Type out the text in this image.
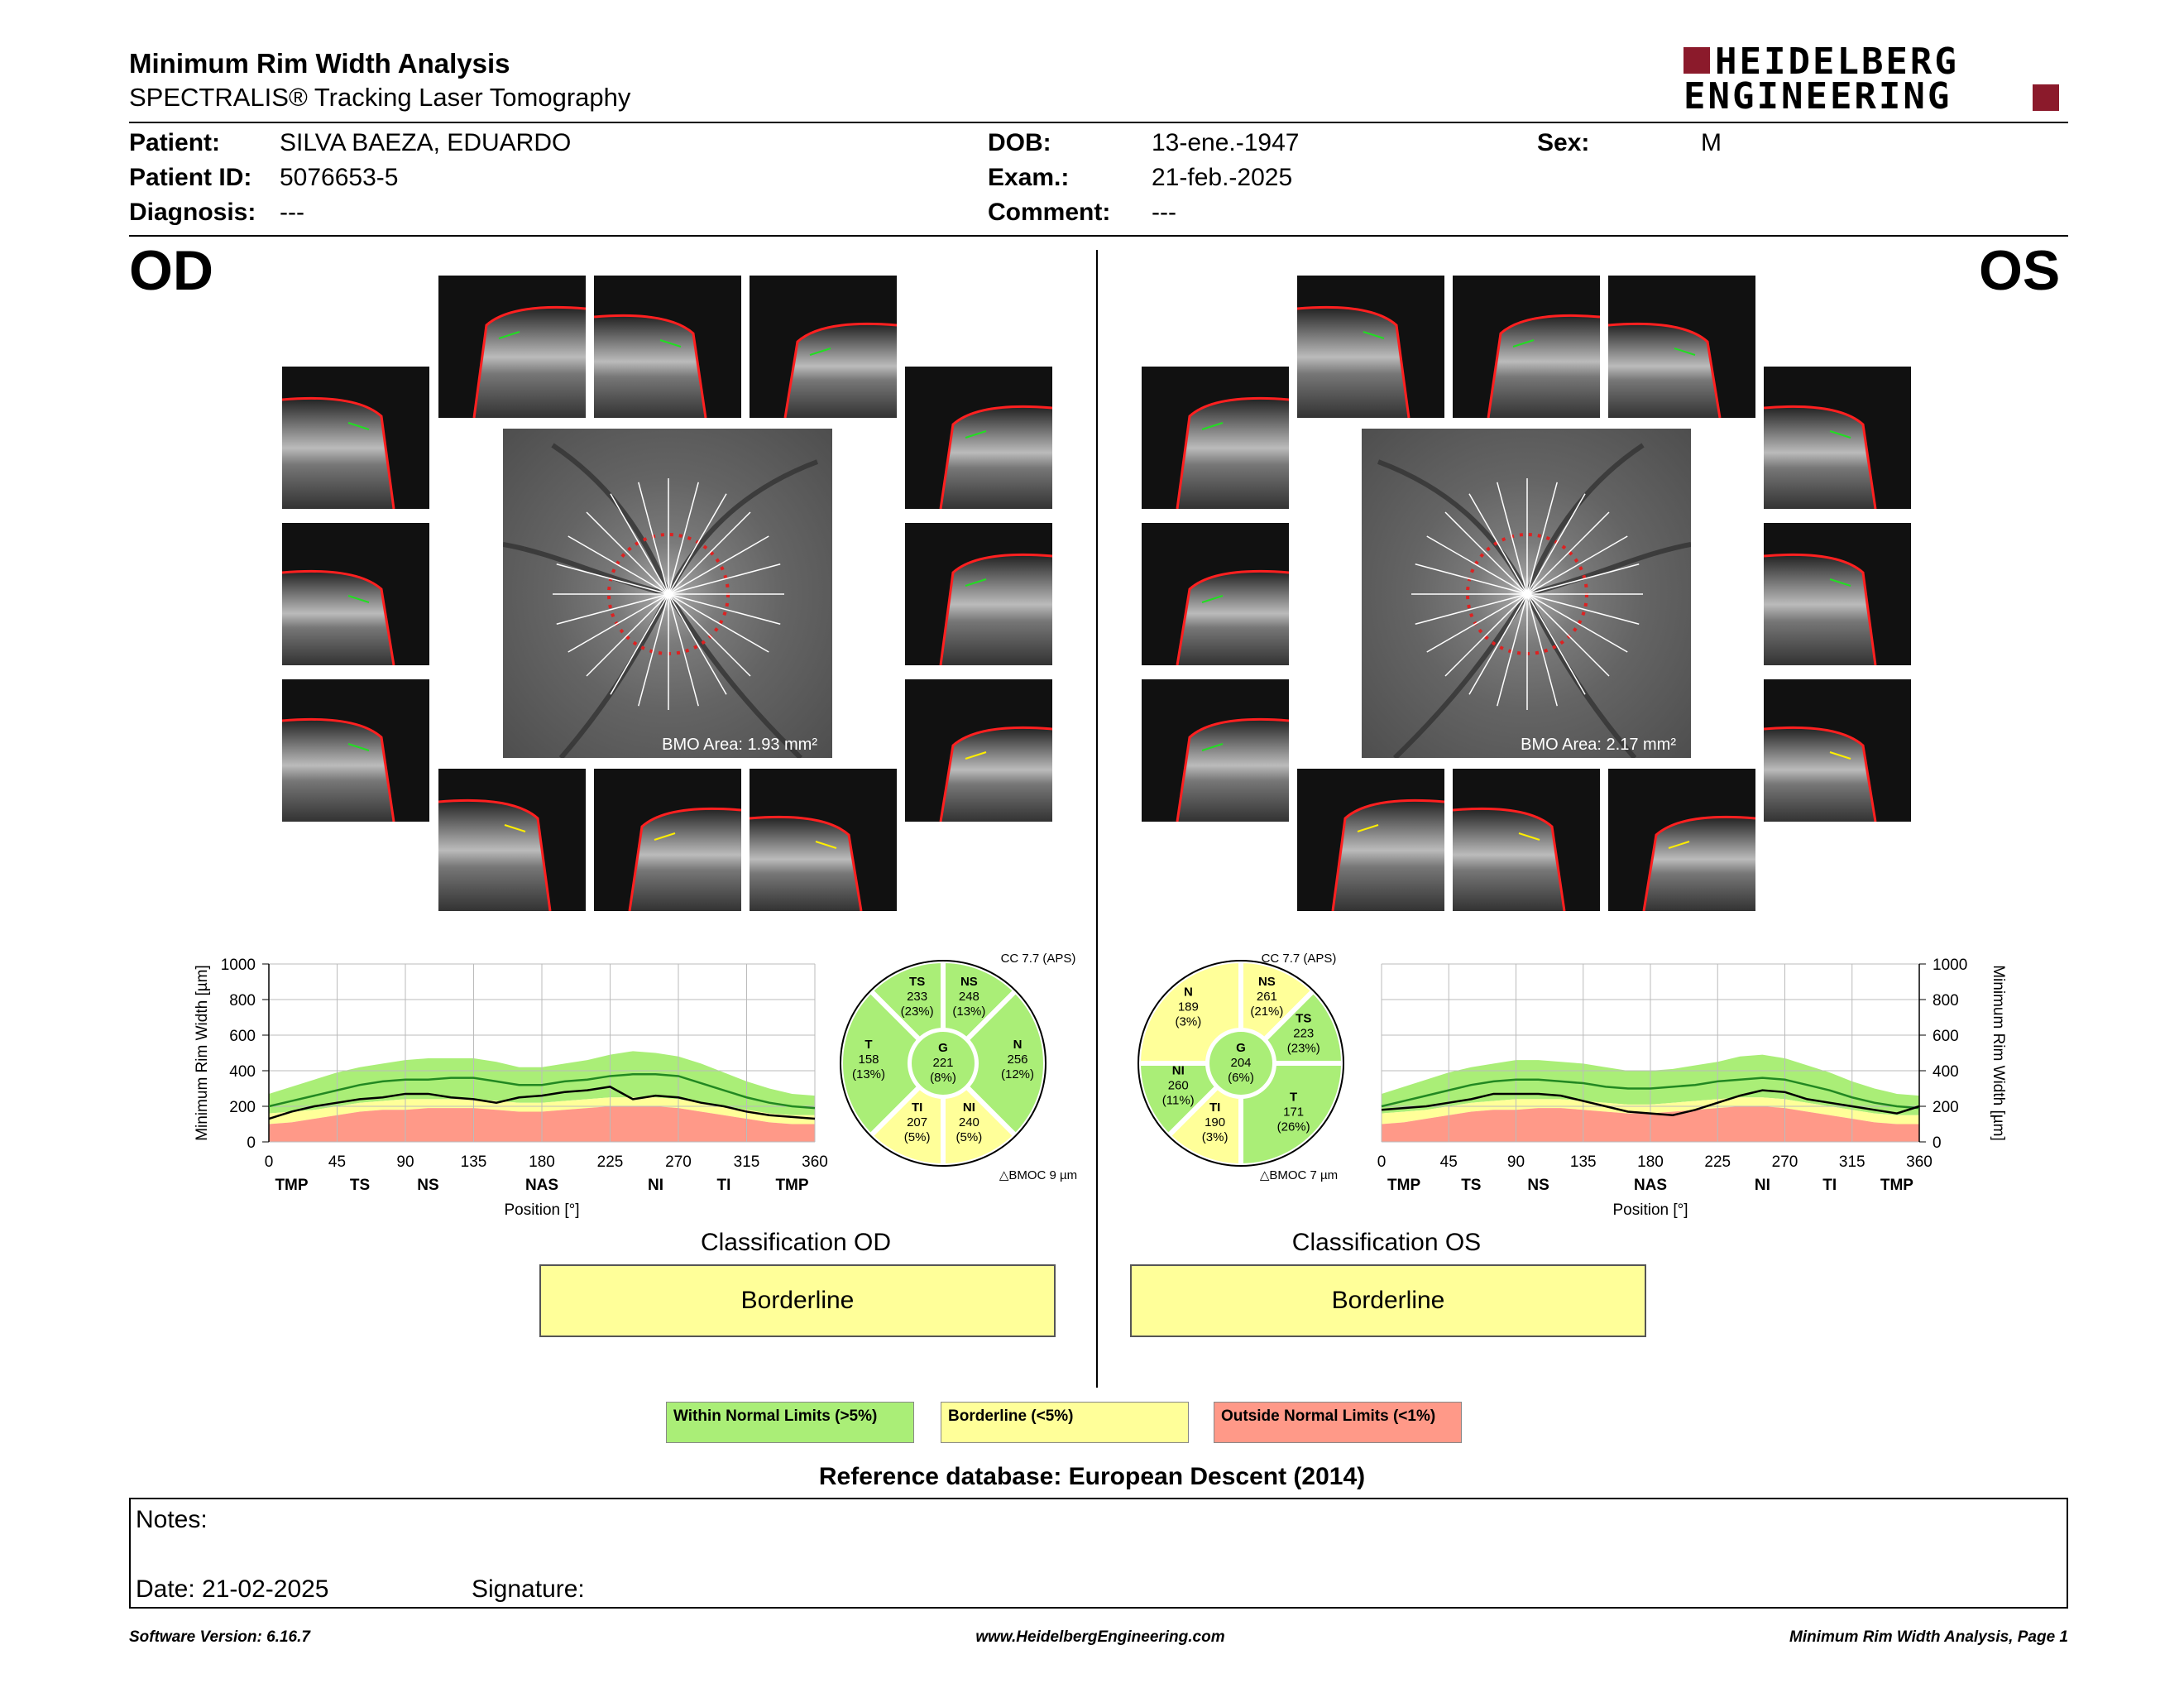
Minimum Rim Width Analysis
SPECTRALIS® Tracking Laser Tomography
HEIDELBERG
ENGINEERING
Patient: SILVA BAEZA, EDUARDO
Patient ID: 5076653-5
Diagnosis: ---
DOB:	13-ene.-1947
Exam.:	21-feb.-2025
Comment: ---
Sex:	M
OD	OS
BMO Area: 1.93 mm²	BMO Area: 2.17 mm²
0	45	90	135	180	225	270	315	360
0
200
400
600
800
1000
TMP	TS	NS	NAS	NI	TI	TMP
Position [°]
Minimum Rim Width [µm]
0	45	90	135	180	225	270	315	360
0
200
400
600
800
1000
TMP	TS	NS	NAS	NI	TI	TMP
Position [°]
Minimum Rim Width [µm]
TS
233
(23%)
NS
248
(13%)
N
256
(12%)
NI
240
(5%)
TI
207
(5%)
T
158
(13%)
G
221
(8%)
CC 7.7 (APS)
△BMOC 9 µm
NS
261
(21%) TS
223
(23%)
T
171
(26%)
TI
190
(3%)
NI
260
(11%)
N
189
(3%)
G
204
(6%)
CC 7.7 (APS)
△BMOC 7 µm
Classification OD
Borderline
Classification OS
Borderline
Within Normal Limits (>5%)	Borderline (<5%)	Outside Normal Limits (<1%)
Reference database: European Descent (2014)
Notes:
Date: 21-02-2025	Signature:
Software Version: 6.16.7	www.HeidelbergEngineering.com	Minimum Rim Width Analysis, Page 1
